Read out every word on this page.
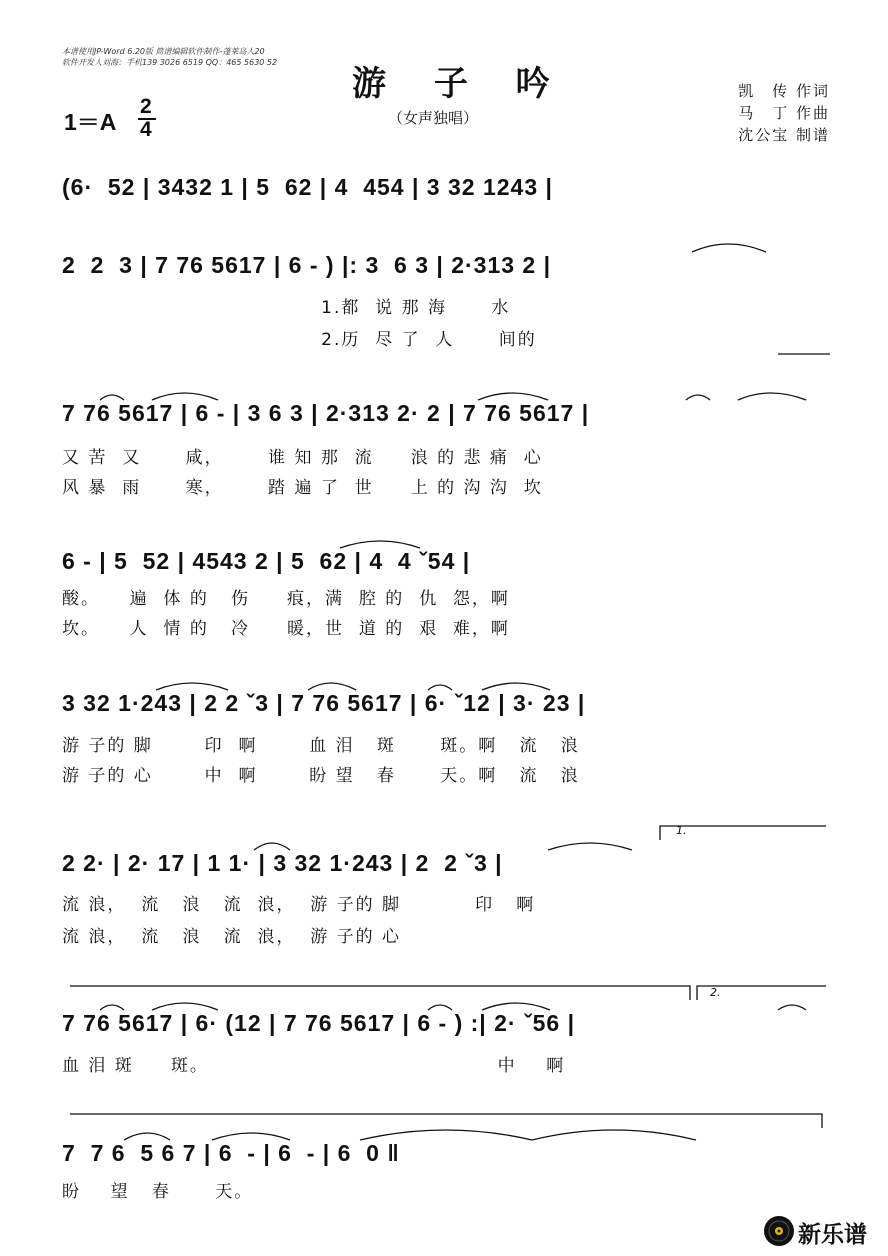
本谱使用JP-Word 6.20版 简谱编辑软件制作-蓬莱岛人20
软件开发人刘海：手机139 3026 6519 QQ：465 5630 52
游 子 吟
（女声独唱）
1＝A
2
4
凯　传 作词
马　丁 作曲
沈公宝 制谱
(6·  52 | 3432 1 | 5  62 | 4  454 | 3 32 1243 |
2  2  3 | 7 76 5617 | 6 - ) |: 3  6 3 | 2·313 2 |
1.都  说 那 海      水
2.历  尽 了  人      间的
7 76 5617 | 6 - | 3 6 3 | 2·313 2· 2 | 7 76 5617 |
又 苦  又      咸，      谁 知 那  流     浪 的 悲 痛  心
风 暴  雨      寒，      踏 遍 了  世     上 的 沟 沟  坎
6 - | 5  52 | 4543 2 | 5  62 | 4  4 ˇ54 |
酸。    遍  体 的   伤     痕，满  腔 的  仇  怨，啊
坎。    人  情 的   冷     暖，世  道 的  艰  难，啊
3 32 1·243 | 2 2 ˇ3 | 7 76 5617 | 6· ˇ12 | 3· 23 |
游 子的 脚       印  啊       血 泪   斑      斑。啊   流   浪
游 子的 心       中  啊       盼 望   春      天。啊   流   浪
1.
2 2· | 2· 17 | 1 1· | 3 32 1·243 | 2  2 ˇ3 |
流 浪，  流   浪   流  浪，  游 子的 脚          印   啊
流 浪，  流   浪   流  浪，  游 子的 心
2.
7 76 5617 | 6· (12 | 7 76 5617 | 6 - ) :| 2· ˇ56 |
血 泪 斑     斑。                                       中    啊
7  7 6  5 6 7 | 6  - | 6  - | 6  0 ‖
盼    望   春      天。
新乐谱
